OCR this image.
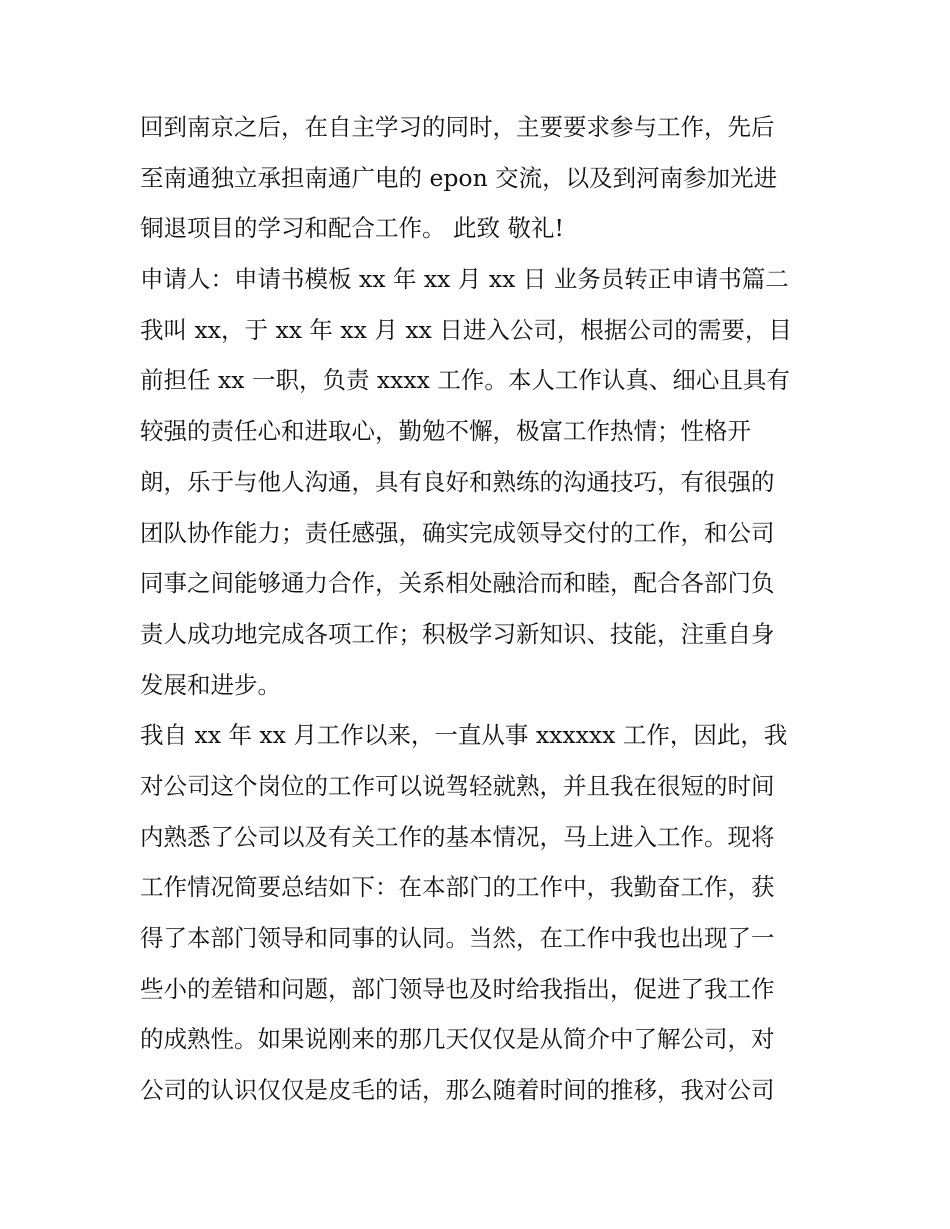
回到南京之后，在自主学习的同时，主要要求参与工作，先后
至南通独立承担南通广电的 epon 交流，以及到河南参加光进
铜退项目的学习和配合工作。 此致 敬礼!
申请人：申请书模板 xx 年 xx 月 xx 日 业务员转正申请书篇二
我叫 xx，于 xx 年 xx 月 xx 日进入公司，根据公司的需要，目
前担任 xx 一职，负责 xxxx 工作。本人工作认真、细心且具有
较强的责任心和进取心，勤勉不懈，极富工作热情；性格开
朗，乐于与他人沟通，具有良好和熟练的沟通技巧，有很强的
团队协作能力；责任感强，确实完成领导交付的工作，和公司
同事之间能够通力合作，关系相处融洽而和睦，配合各部门负
责人成功地完成各项工作；积极学习新知识、技能，注重自身
发展和进步。
我自 xx 年 xx 月工作以来，一直从事 xxxxxx 工作，因此，我
对公司这个岗位的工作可以说驾轻就熟，并且我在很短的时间
内熟悉了公司以及有关工作的基本情况，马上进入工作。现将
工作情况简要总结如下：在本部门的工作中，我勤奋工作，获
得了本部门领导和同事的认同。当然，在工作中我也出现了一
些小的差错和问题，部门领导也及时给我指出，促进了我工作
的成熟性。如果说刚来的那几天仅仅是从简介中了解公司，对
公司的认识仅仅是皮毛的话，那么随着时间的推移，我对公司
